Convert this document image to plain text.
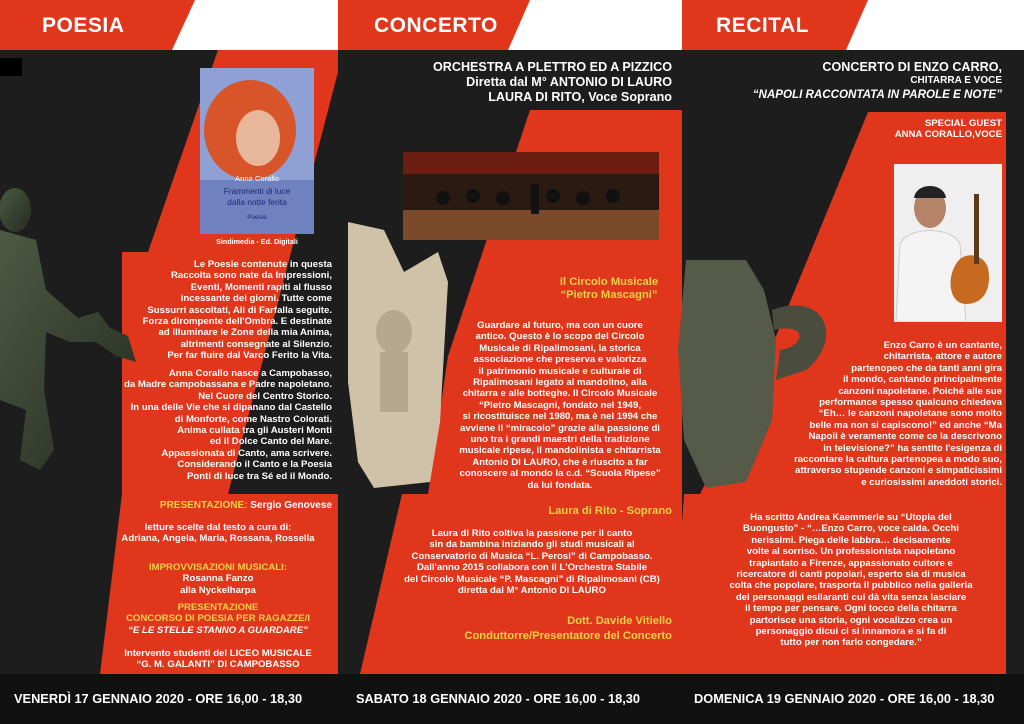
POESIA	CONCERTO	RECITAL
Anna Corallo
Frammenti di luce
dalla notte ferita
Poesie
Sindimedia - Ed. Digitali
Le Poesie contenute in questa
Raccolta sono nate da Impressioni,
Eventi, Momenti rapiti al flusso
incessante dei giorni. Tutte come
Sussurri ascoltati, Ali di Farfalla seguite.
Forza dirompente dell'Ombra. E destinate
ad illuminare le Zone della mia Anima,
altrimenti consegnate al Silenzio.
Per far fluire dal Varco Ferito la Vita.
Anna Corallo nasce a Campobasso,
da Madre campobassana e Padre napoletano.
Nel Cuore del Centro Storico.
In una delle Vie che si dipanano dal Castello
di Monforte, come Nastro Colorati.
Anima cullata tra gli Austeri Monti
ed il Dolce Canto del Mare.
Appassionata di Canto, ama scrivere.
Considerando il Canto e la Poesia
Ponti di luce tra Sé ed il Mondo.
PRESENTAZIONE: Sergio Genovese
letture scelte dal testo a cura di:
Adriana, Angela, Maria, Rossana, Rossella
IMPROVVISAZIONI MUSICALI:
Rosanna Fanzo
alla Nyckelharpa
PRESENTAZIONE
CONCORSO DI POESIA PER RAGAZZE/I
“E LE STELLE STANNO A GUARDARE”
Intervento studenti del LICEO MUSICALE
“G. M. GALANTI” DI CAMPOBASSO
ORCHESTRA A PLETTRO ED A PIZZICO
Diretta dal M° ANTONIO DI LAURO
LAURA DI RITO, Voce Soprano
Il Circolo Musicale
“Pietro Mascagni”
Guardare al futuro, ma con un cuore
antico. Questo è lo scopo del Circolo
Musicale di Ripalimosani, la storica
associazione che preserva e valorizza
il patrimonio musicale e culturale di
Ripalimosani legato al mandolino, alla
chitarra e alle botteghe. Il Circolo Musicale
“Pietro Mascagni, fondato nel 1949,
si ricostituisce nel 1980, ma è nel 1994 che
avviene il “miracolo” grazie alla passione di
uno tra i grandi maestri della tradizione
musicale ripese, il mandolinista e chitarrista
Antonio DI LAURO, che è riuscito a far
conoscere al mondo la c.d. “Scuola Ripese”
da lui fondata.
Laura di Rito - Soprano
Laura di Rito coltiva la passione per il canto
sin da bambina iniziando gli studi musicali al
Conservatorio di Musica “L. Perosi” di Campobasso.
Dall'anno 2015 collabora con il L'Orchestra Stabile
del Circolo Musicale “P. Mascagni” di Ripalimosani (CB)
diretta dal M° Antonio DI LAURO
Dott. Davide Vitiello
Conduttorre/Presentatore del Concerto
CONCERTO DI ENZO CARRO,
CHITARRA E VOCE
“NAPOLI RACCONTATA IN PAROLE E NOTE”
SPECIAL GUEST
ANNA CORALLO,VOCE
Enzo Carro è un cantante,
chitarrista, attore e autore
partenopeo che da tanti anni gira
il mondo, cantando principalmente
canzoni napoletane. Poiché alle sue
performance spesso qualcuno chiedeva
“Eh… le canzoni napoletane sono molto
belle ma non si capiscono!” ed anche “Ma
Napoli è veramente come ce la descrivono
in televisione?” ha sentito l'esigenza di
raccontare la cultura partenopea a modo suo,
attraverso stupende canzoni e simpaticissimi
e curiosissimi aneddoti storici.
Ha scritto Andrea Kaemmerle su “Utopia del
Buongusto” - “…Enzo Carro, voce calda. Occhi
nerissimi. Piega delle labbra… decisamente
volte al sorriso. Un professionista napoletano
trapiantato a Firenze, appassionato cultore e
ricercatore di canti popolari, esperto sia di musica
colta che popolare, trasporta il pubblico nella galleria
dei personaggi esilaranti cui dà vita senza lasciare
il tempo per pensare. Ogni tocco della chitarra
partorisce una storia, ogni vocalizzo crea un
personaggio dicui ci si innamora e si fa di
tutto per non farlo congedare.”
VENERDÌ 17 GENNAIO 2020 - ORE 16,00 - 18,30	SABATO 18 GENNAIO 2020 - ORE 16,00 - 18,30	DOMENICA 19 GENNAIO 2020 - ORE 16,00 - 18,30
